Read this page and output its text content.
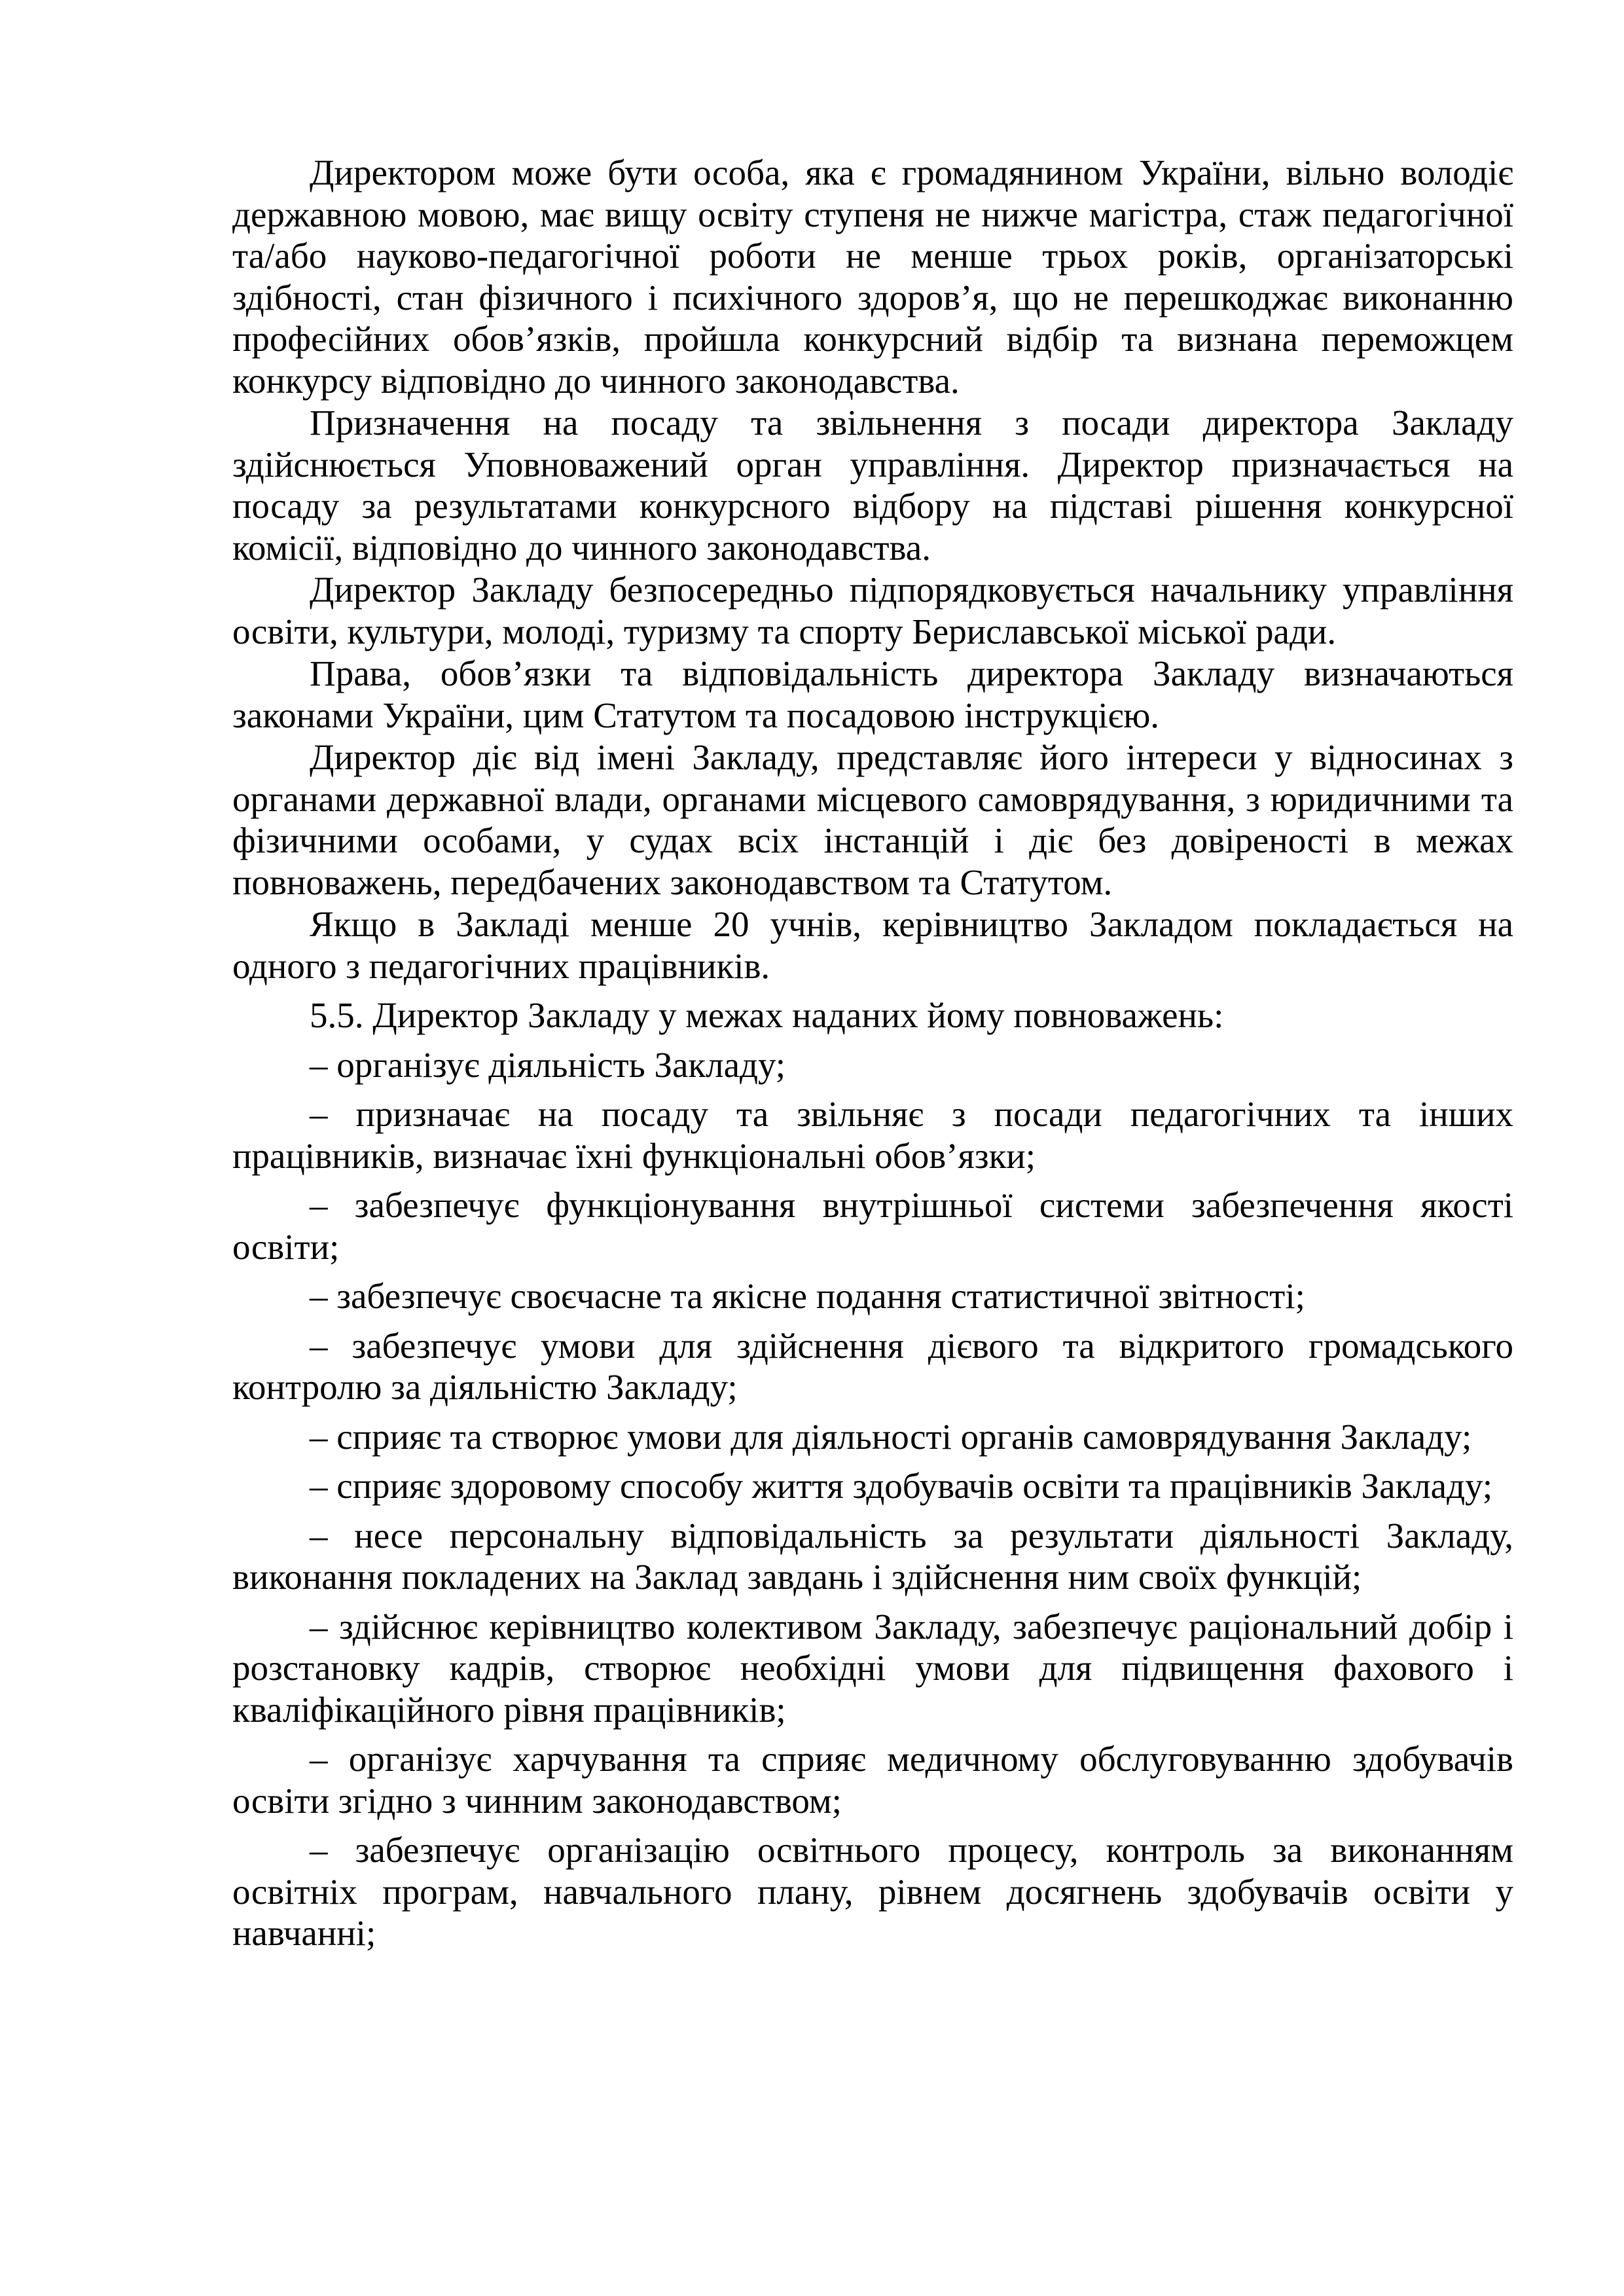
Директором може бути особа, яка є громадянином України, вільно володіє державною мовою, має вищу освіту ступеня не нижче магістра, стаж педагогічної та/або науково-педагогічної роботи не менше трьох років, організаторські здібності, стан фізичного і психічного здоров’я, що не перешкоджає виконанню професійних обов’язків, пройшла конкурсний відбір та визнана переможцем конкурсу відповідно до чинного законодавства.

Призначення на посаду та звільнення з посади директора Закладу здійснюється Уповноважений орган управління. Директор призначається на посаду за результатами конкурсного відбору на підставі рішення конкурсної комісії, відповідно до чинного законодавства.

Директор Закладу безпосередньо підпорядковується начальнику управління освіти, культури, молоді, туризму та спорту Бериславської міської ради.

Права, обов’язки та відповідальність директора Закладу визначаються законами України, цим Статутом та посадовою інструкцією.

Директор діє від імені Закладу, представляє його інтереси у відносинах з органами державної влади, органами місцевого самоврядування, з юридичними та фізичними особами, у судах всіх інстанцій і діє без довіреності в межах повноважень, передбачених законодавством та Статутом.

Якщо в Закладі менше 20 учнів, керівництво Закладом покладається на одного з педагогічних працівників.

5.5. Директор Закладу у межах наданих йому повноважень:

– організує діяльність Закладу;

– призначає на посаду та звільняє з посади педагогічних та інших працівників, визначає їхні функціональні обов’язки;

– забезпечує функціонування внутрішньої системи забезпечення якості освіти;

– забезпечує своєчасне та якісне подання статистичної звітності;

– забезпечує умови для здійснення дієвого та відкритого громадського контролю за діяльністю Закладу;

– сприяє та створює умови для діяльності органів самоврядування Закладу;

– сприяє здоровому способу життя здобувачів освіти та працівників Закладу;

– несе персональну відповідальність за результати діяльності Закладу, виконання покладених на Заклад завдань і здійснення ним своїх функцій;

– здійснює керівництво колективом Закладу, забезпечує раціональний добір і розстановку кадрів, створює необхідні умови для підвищення фахового і кваліфікаційного рівня працівників;

– організує харчування та сприяє медичному обслуговуванню здобувачів освіти згідно з чинним законодавством;

– забезпечує організацію освітнього процесу, контроль за виконанням освітніх програм, навчального плану, рівнем досягнень здобувачів освіти у навчанні;
